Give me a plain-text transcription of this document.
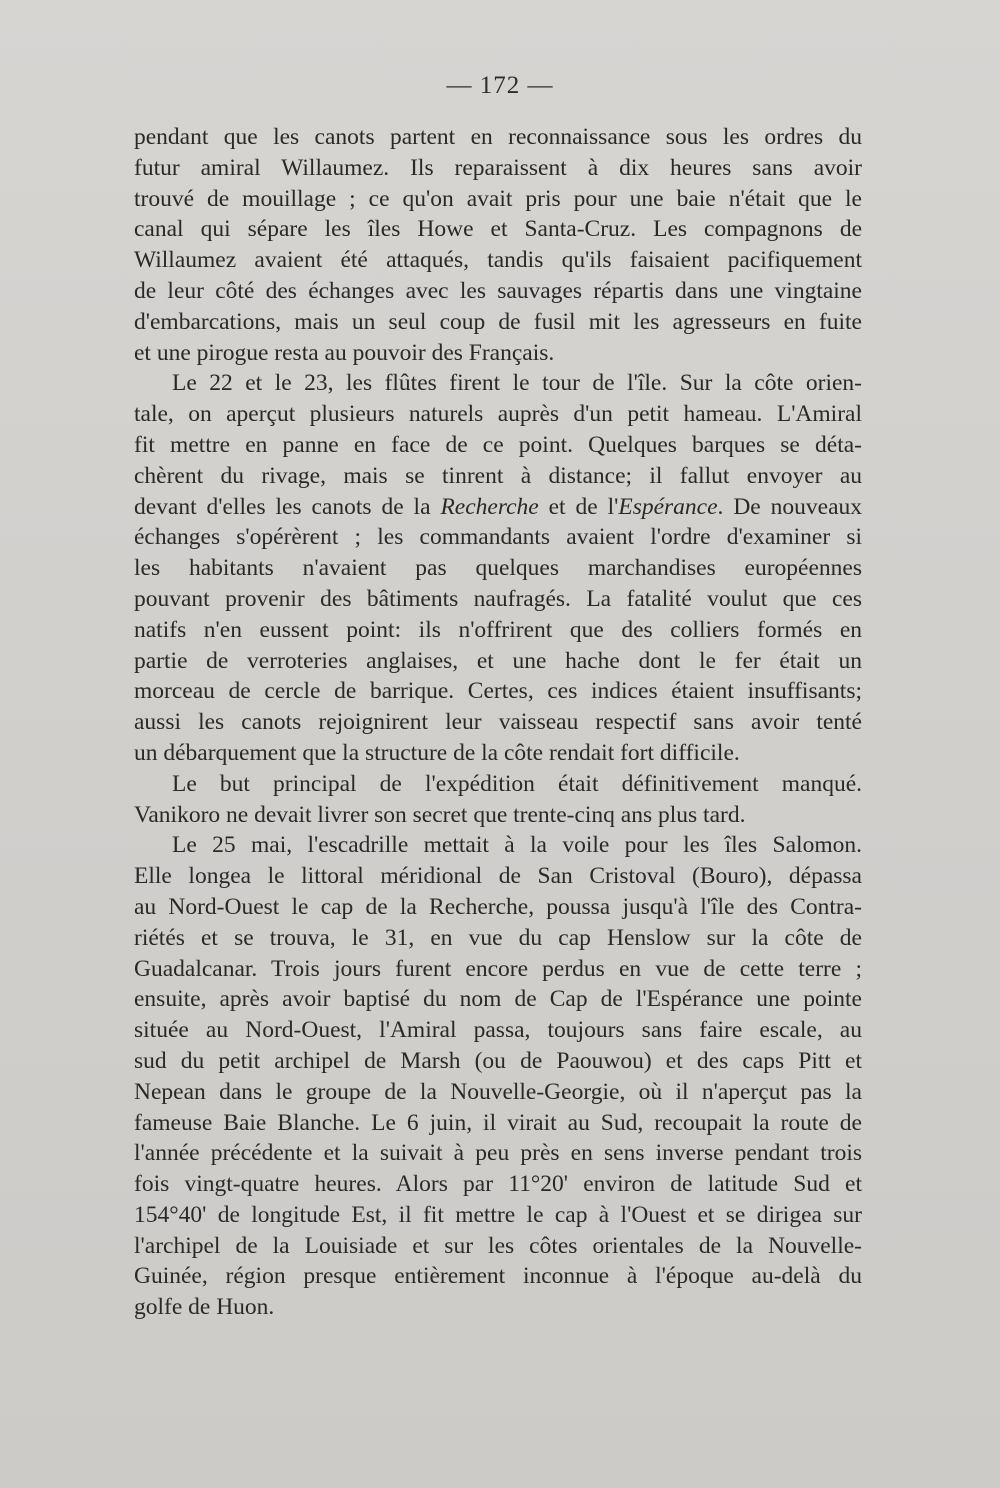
— 172 —
pendant que les canots partent en reconnaissance sous les ordres du
futur amiral Willaumez. Ils reparaissent à dix heures sans avoir
trouvé de mouillage ; ce qu'on avait pris pour une baie n'était que le
canal qui sépare les îles Howe et Santa-Cruz. Les compagnons de
Willaumez avaient été attaqués, tandis qu'ils faisaient pacifiquement
de leur côté des échanges avec les sauvages répartis dans une vingtaine
d'embarcations, mais un seul coup de fusil mit les agresseurs en fuite
et une pirogue resta au pouvoir des Français.
Le 22 et le 23, les flûtes firent le tour de l'île. Sur la côte orien-
tale, on aperçut plusieurs naturels auprès d'un petit hameau. L'Amiral
fit mettre en panne en face de ce point. Quelques barques se déta-
chèrent du rivage, mais se tinrent à distance; il fallut envoyer au
devant d'elles les canots de la Recherche et de l'Espérance. De nouveaux
échanges s'opérèrent ; les commandants avaient l'ordre d'examiner si
les habitants n'avaient pas quelques marchandises européennes
pouvant provenir des bâtiments naufragés. La fatalité voulut que ces
natifs n'en eussent point: ils n'offrirent que des colliers formés en
partie de verroteries anglaises, et une hache dont le fer était un
morceau de cercle de barrique. Certes, ces indices étaient insuffisants;
aussi les canots rejoignirent leur vaisseau respectif sans avoir tenté
un débarquement que la structure de la côte rendait fort difficile.
Le but principal de l'expédition était définitivement manqué.
Vanikoro ne devait livrer son secret que trente-cinq ans plus tard.
Le 25 mai, l'escadrille mettait à la voile pour les îles Salomon.
Elle longea le littoral méridional de San Cristoval (Bouro), dépassa
au Nord-Ouest le cap de la Recherche, poussa jusqu'à l'île des Contra-
riétés et se trouva, le 31, en vue du cap Henslow sur la côte de
Guadalcanar. Trois jours furent encore perdus en vue de cette terre ;
ensuite, après avoir baptisé du nom de Cap de l'Espérance une pointe
située au Nord-Ouest, l'Amiral passa, toujours sans faire escale, au
sud du petit archipel de Marsh (ou de Paouwou) et des caps Pitt et
Nepean dans le groupe de la Nouvelle-Georgie, où il n'aperçut pas la
fameuse Baie Blanche. Le 6 juin, il virait au Sud, recoupait la route de
l'année précédente et la suivait à peu près en sens inverse pendant trois
fois vingt-quatre heures. Alors par 11°20' environ de latitude Sud et
154°40' de longitude Est, il fit mettre le cap à l'Ouest et se dirigea sur
l'archipel de la Louisiade et sur les côtes orientales de la Nouvelle-
Guinée, région presque entièrement inconnue à l'époque au-delà du
golfe de Huon.
